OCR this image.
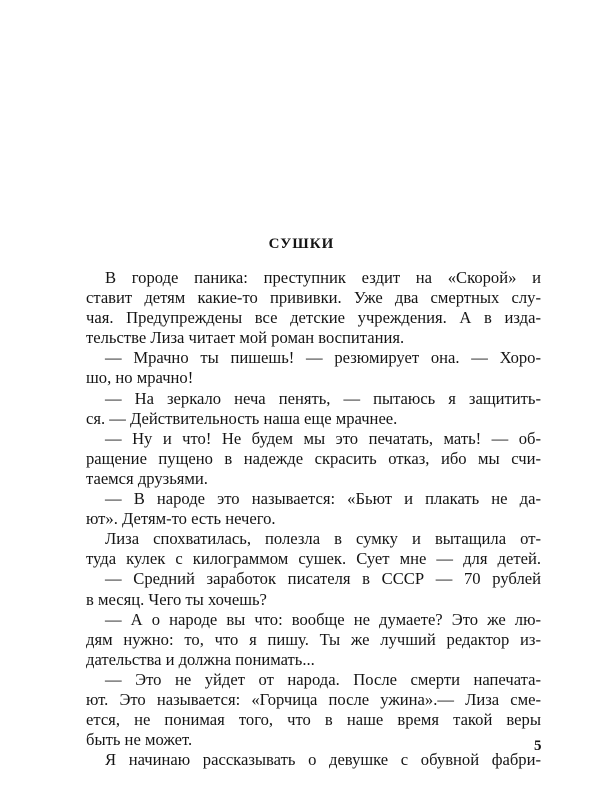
СУШКИ
В городе паника: преступник ездит на «Скорой» и
ставит детям какие-то прививки. Уже два смертных слу-
чая. Предупреждены все детские учреждения. А в изда-
тельстве Лиза читает мой роман воспитания.
— Мрачно ты пишешь! — резюмирует она. — Хоро-
шо, но мрачно!
— На зеркало неча пенять, — пытаюсь я защитить-
ся. — Действительность наша еще мрачнее.
— Ну и что! Не будем мы это печатать, мать! — об-
ращение пущено в надежде скрасить отказ, ибо мы счи-
таемся друзьями.
— В народе это называется: «Бьют и плакать не да-
ют». Детям-то есть нечего.
Лиза спохватилась, полезла в сумку и вытащила от-
туда кулек с килограммом сушек. Сует мне — для детей.
— Средний заработок писателя в СССР — 70 рублей
в месяц. Чего ты хочешь?
— А о народе вы что: вообще не думаете? Это же лю-
дям нужно: то, что я пишу. Ты же лучший редактор из-
дательства и должна понимать...
— Это не уйдет от народа. После смерти напечата-
ют. Это называется: «Горчица после ужина».— Лиза сме-
ется, не понимая того, что в наше время такой веры
быть не может.
Я начинаю рассказывать о девушке с обувной фабри-
5
